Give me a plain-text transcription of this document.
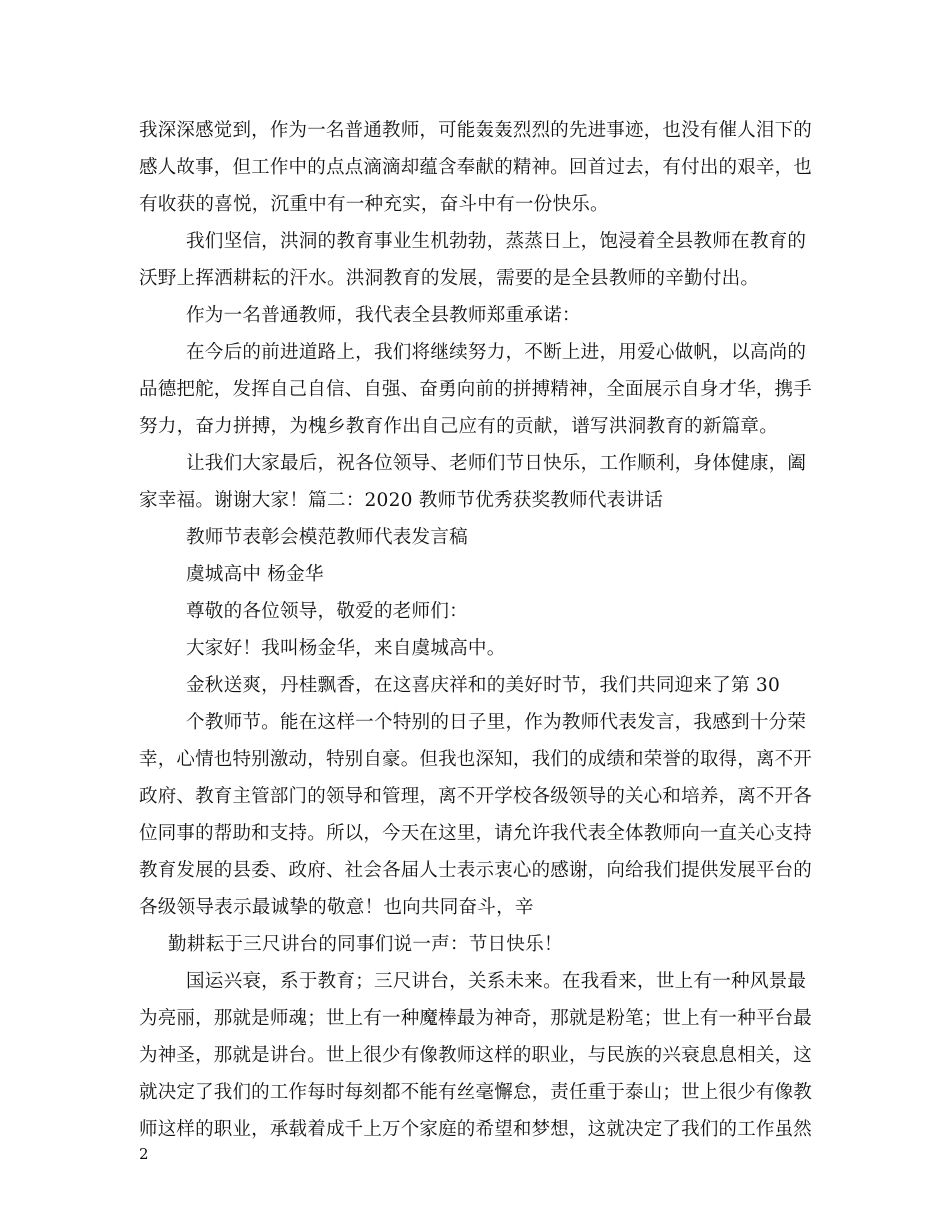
我深深感觉到，作为一名普通教师，可能轰轰烈烈的先进事迹，也没有催人泪下的
感人故事，但工作中的点点滴滴却蕴含奉献的精神。回首过去，有付出的艰辛，也
有收获的喜悦，沉重中有一种充实，奋斗中有一份快乐。
我们坚信，洪洞的教育事业生机勃勃，蒸蒸日上，饱浸着全县教师在教育的
沃野上挥洒耕耘的汗水。洪洞教育的发展，需要的是全县教师的辛勤付出。
作为一名普通教师，我代表全县教师郑重承诺：
在今后的前进道路上，我们将继续努力，不断上进，用爱心做帆，以高尚的
品德把舵，发挥自己自信、自强、奋勇向前的拼搏精神，全面展示自身才华，携手
努力，奋力拼搏，为槐乡教育作出自己应有的贡献，谱写洪洞教育的新篇章。
让我们大家最后，祝各位领导、老师们节日快乐，工作顺利，身体健康，阖
家幸福。谢谢大家！篇二：2020 教师节优秀获奖教师代表讲话
教师节表彰会模范教师代表发言稿
虞城高中 杨金华
尊敬的各位领导，敬爱的老师们：
大家好！我叫杨金华，来自虞城高中。
金秋送爽，丹桂飘香，在这喜庆祥和的美好时节，我们共同迎来了第 30
个教师节。能在这样一个特别的日子里，作为教师代表发言，我感到十分荣
幸，心情也特别激动，特别自豪。但我也深知，我们的成绩和荣誉的取得，离不开
政府、教育主管部门的领导和管理，离不开学校各级领导的关心和培养，离不开各
位同事的帮助和支持。所以，今天在这里，请允许我代表全体教师向一直关心支持
教育发展的县委、政府、社会各届人士表示衷心的感谢，向给我们提供发展平台的
各级领导表示最诚挚的敬意！也向共同奋斗，辛
勤耕耘于三尺讲台的同事们说一声：节日快乐！
国运兴衰，系于教育；三尺讲台，关系未来。在我看来，世上有一种风景最
为亮丽，那就是师魂；世上有一种魔棒最为神奇，那就是粉笔；世上有一种平台最
为神圣，那就是讲台。世上很少有像教师这样的职业，与民族的兴衰息息相关，这
就决定了我们的工作每时每刻都不能有丝毫懈怠，责任重于泰山；世上很少有像教
师这样的职业，承载着成千上万个家庭的希望和梦想，这就决定了我们的工作虽然
2
